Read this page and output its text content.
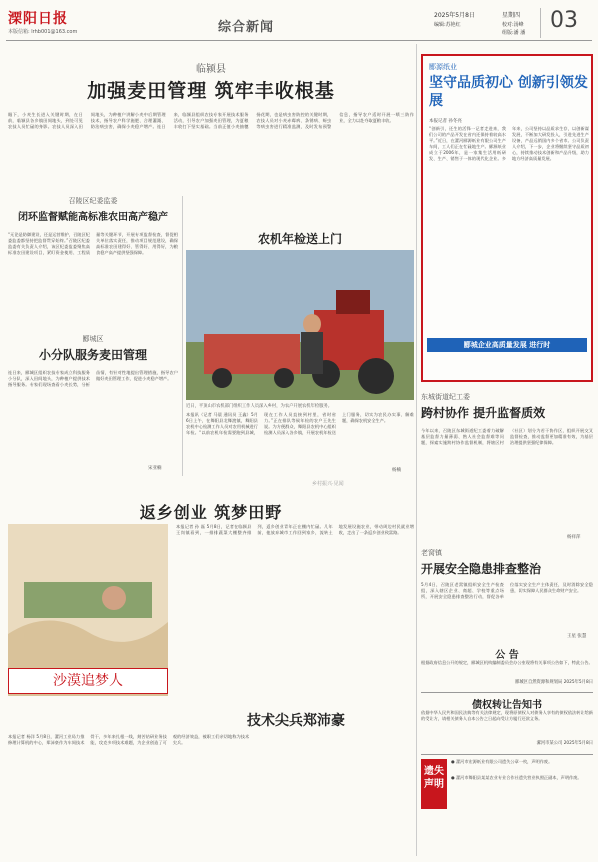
溧阳日报
本版信箱: lrhb001@163.com	综合新闻
2025年5月8日	星期四
编辑:苏艳红	校对:汤峰
组版:潘 潘 03
临颍县
加强麦田管理 筑牢丰收根基
眼下，小麦生长进入关键时期，在日前，临颍县各乡镇田间地头，到处可见农技人员忙碌的身影。农技人员深入田间地头，为种植户讲解小麦中后期管理技术，指导农户科学施肥、合理灌溉、防治病虫害，确保小麦稳产增产。连日来，临颍县组织农技专家开展技术服务活动，引导农户加强麦田管理，为夏粮丰收打下坚实基础。当前正值小麦抽穗扬花期，也是病虫害防控的关键时期，农技人员对小麦赤霉病、条锈病、蚜虫等病虫害进行精准监测，及时发布预警信息，指导农户适时开展一喷三防作业，全力以赴夺取夏粮丰收。
召陵区纪委监委
闭环监督赋能高标准农田高产稳产
“无论是防御建设，还是运营维护，召陵区纪委监委都坚持把监督贯穿始终。”召陵区纪委监委有关负责人介绍，该区纪委监委聚焦高标准农田建设项目，紧盯资金使用、工程质量等关键环节，开展专项监督检查，督促相关单位落实责任，推动项目规范建设，确保高标准农田建得好、管得好、用得好，为粮食稳产高产提供坚强保障。
郾城区
小分队服务麦田管理
连日来，郾城区组织农技专家成立科技服务小分队，深入田间地头，为种植户提供技术指导服务。专家们现场查看小麦长势，分析苗情，有针对性地提出管理措施，指导农户做好麦田管理工作，促进小麦稳产增产。
宋亚楠
农机年检送上门
近日，平顶山市农机部门组织工作人员深入乡村，为农户开展农机年检服务。
本报讯（记者 马晨 通讯员 王鑫）5月6日上午，在舞阳县北舞渡镇，舞阳县农机中心检测工作人员对农用机械进行年检。“以前农机年检需要跑到县城，现在工作人员直接到村里，省时省力。”正在排队等候年检的农户王先生说。为方便群众，舞阳县农机中心组织检测人员深入各乡镇，开展农机年检送上门服务，切实为农民办实事、解难题，确保农机安全生产。
杨楠
郾源纸业
坚守品质初心 创新引领发展
本报记者 孙冬亮
“创新引，还生的活锋一记者走进来，我们公司的产品开发在省内还保持着较高水平。”近日，在漯河郾源纸业有限公司生产车间，工人们正在忙碌地生产。郾源纸业成立于2006年，是一家集生活用纸研发、生产、销售于一体的现代化企业。多年来，公司坚持以品质求生存，以创新谋发展，不断加大研发投入，引进先进生产设备，产品远销国内多个省市。公司负责人介绍，下一步，企业将继续坚守品质初心，持续推动技术创新和产品升级，助力地方经济高质量发展。
郾城企业高质量发展 进行时
东城街道纪工委
跨村协作 提升监督质效
今年以来，召陵区东城街道纪工委着力破解基层监督力量薄弱、熟人社会监督难等问题，探索实施跨村协作监督机制，将辖区村（社区）划分为若干协作区，组织开展交叉监督检查，推动监督更加精准有效，为基层治理提供坚强纪律保障。
杨祥萍
老窝镇
开展安全隐患排查整治
5月4日，召陵区老窝镇组织安全生产检查组，深入辖区企业、商超、学校等重点场所，开展安全隐患排查整治行动，督促各单位落实安全生产主体责任，及时消除安全隐患，切实保障人民群众生命财产安全。
王星 张慧
公 告
根据政府信息公开的规定，郾城区机构编制委员会办公室现将有关事项公告如下，特此公告。
郾城区自然资源和规划局 2025年5月8日
债权转让告知书
依据中华人民共和国民法典等有关法律规定，现将原债权人对债务人享有的债权依法转让给新的受让方，请相关债务人自本公告之日起向受让方履行还款义务。
漯河市某公司 2025年5月8日
遗失声明
● 漯河市宏源纸业有限公司遗失公章一枚，声明作废。
● 漯河市舞阳县某某农业专业合作社遗失营业执照正副本，声明作废。
返乡创业 筑梦田野
沙漠追梦人
本报记者 孙 磊 5月8日，记者在临颍县王岗镇看到，一排排蔬菜大棚整齐排列，返乡创业青年正在棚内忙碌。几年前，他放弃城市工作回到家乡，流转土地发展设施农业，带动周边村民就业增收，走出了一条返乡创业致富路。
乡村振兴·见闻
技术尖兵郑沛豪
本报记者 杨洋 5月8日，漯河工业局力推修理计算机的中心，郑沛豪作为车间技术骨干，多年来扎根一线，刻苦钻研业务技能，攻克多项技术难题，为企业创造了可观的经济效益，被职工们亲切地称为技术尖兵。
